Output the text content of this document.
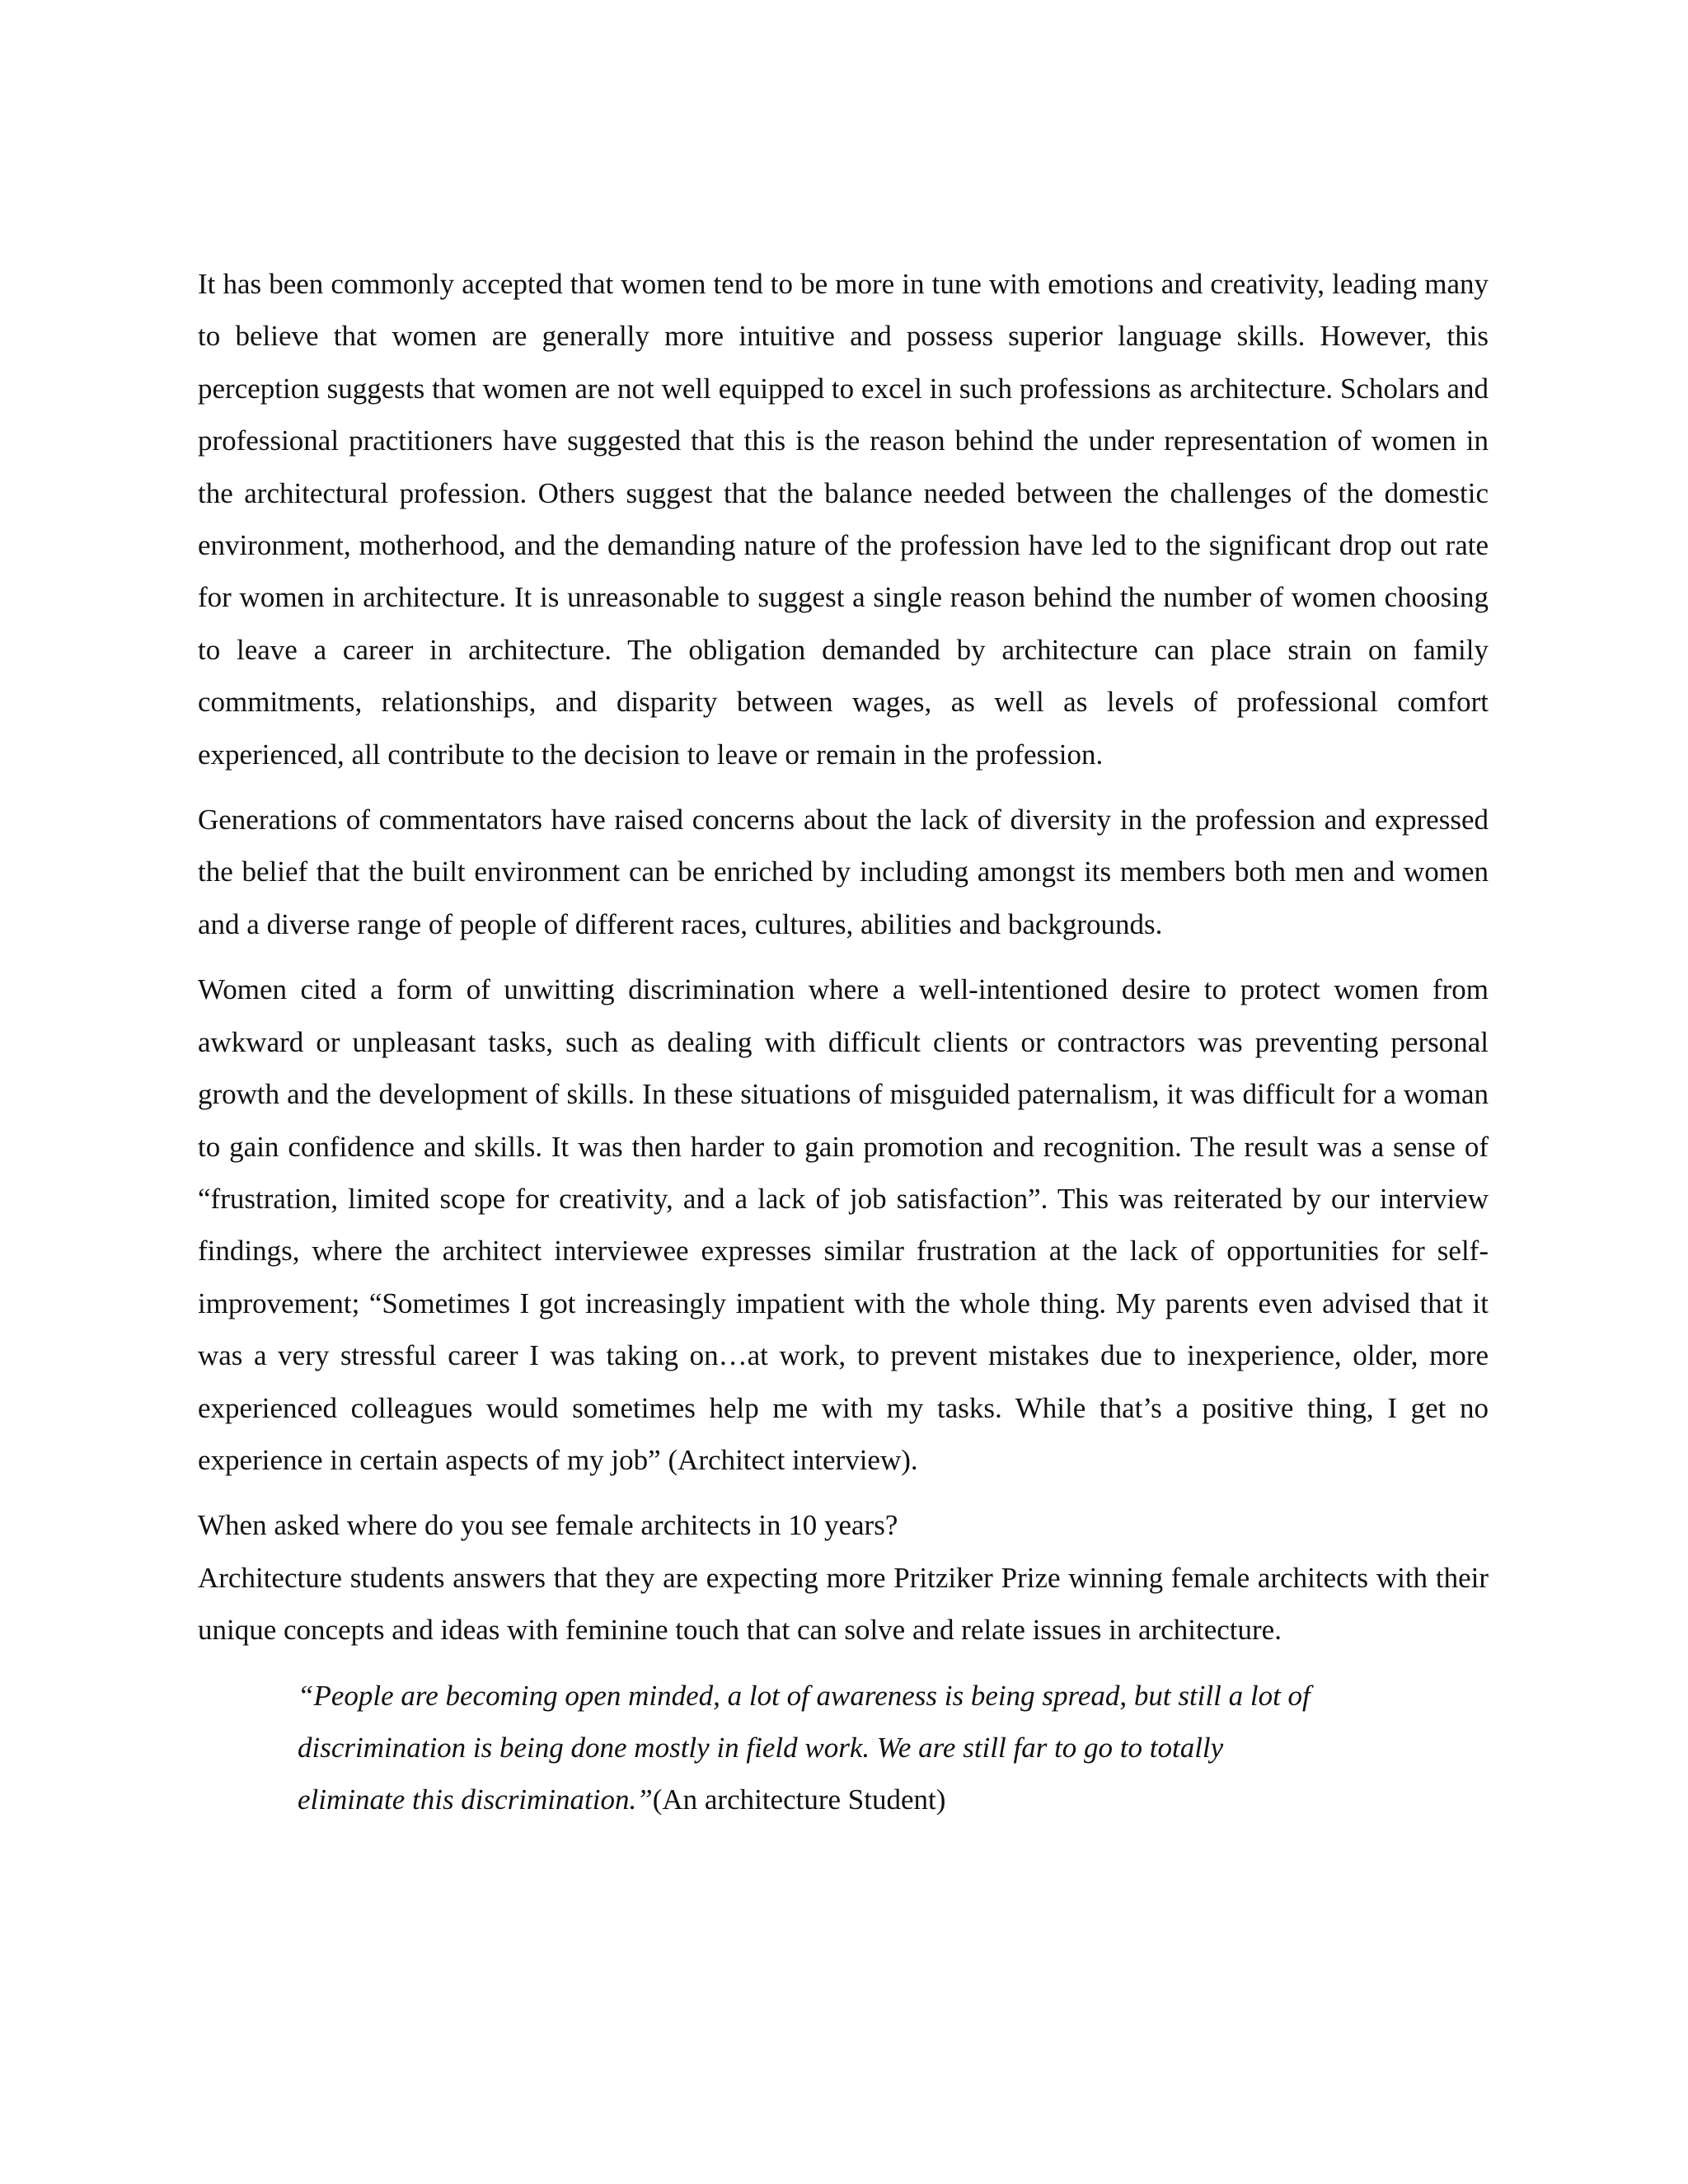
It has been commonly accepted that women tend to be more in tune with emotions and creativity, leading many to believe that women are generally more intuitive and possess superior language skills. However, this perception suggests that women are not well equipped to excel in such professions as architecture. Scholars and professional practitioners have suggested that this is the reason behind the under representation of women in the architectural profession. Others suggest that the balance needed between the challenges of the domestic environment, motherhood, and the demanding nature of the profession have led to the significant drop out rate for women in architecture. It is unreasonable to suggest a single reason behind the number of women choosing to leave a career in architecture. The obligation demanded by architecture can place strain on family commitments, relationships, and disparity between wages, as well as levels of professional comfort experienced, all contribute to the decision to leave or remain in the profession.

Generations of commentators have raised concerns about the lack of diversity in the profession and expressed the belief that the built environment can be enriched by including amongst its members both men and women and a diverse range of people of different races, cultures, abilities and backgrounds.

Women cited a form of unwitting discrimination where a well-intentioned desire to protect women from awkward or unpleasant tasks, such as dealing with difficult clients or contractors was preventing personal growth and the development of skills. In these situations of misguided paternalism, it was difficult for a woman to gain confidence and skills. It was then harder to gain promotion and recognition. The result was a sense of “frustration, limited scope for creativity, and a lack of job satisfaction”. This was reiterated by our interview findings, where the architect interviewee expresses similar frustration at the lack of opportunities for self-improvement; “Sometimes I got increasingly impatient with the whole thing. My parents even advised that it was a very stressful career I was taking on…at work, to prevent mistakes due to inexperience, older, more experienced colleagues would sometimes help me with my tasks. While that’s a positive thing, I get no experience in certain aspects of my job” (Architect interview).

When asked where do you see female architects in 10 years?

Architecture students answers that they are expecting more Pritziker Prize winning female architects with their unique concepts and ideas with feminine touch that can solve and relate issues in architecture.

“People are becoming open minded, a lot of awareness is being spread, but still a lot of
discrimination is being done mostly in field work. We are still far to go to totally
eliminate this discrimination.”(An architecture Student)
